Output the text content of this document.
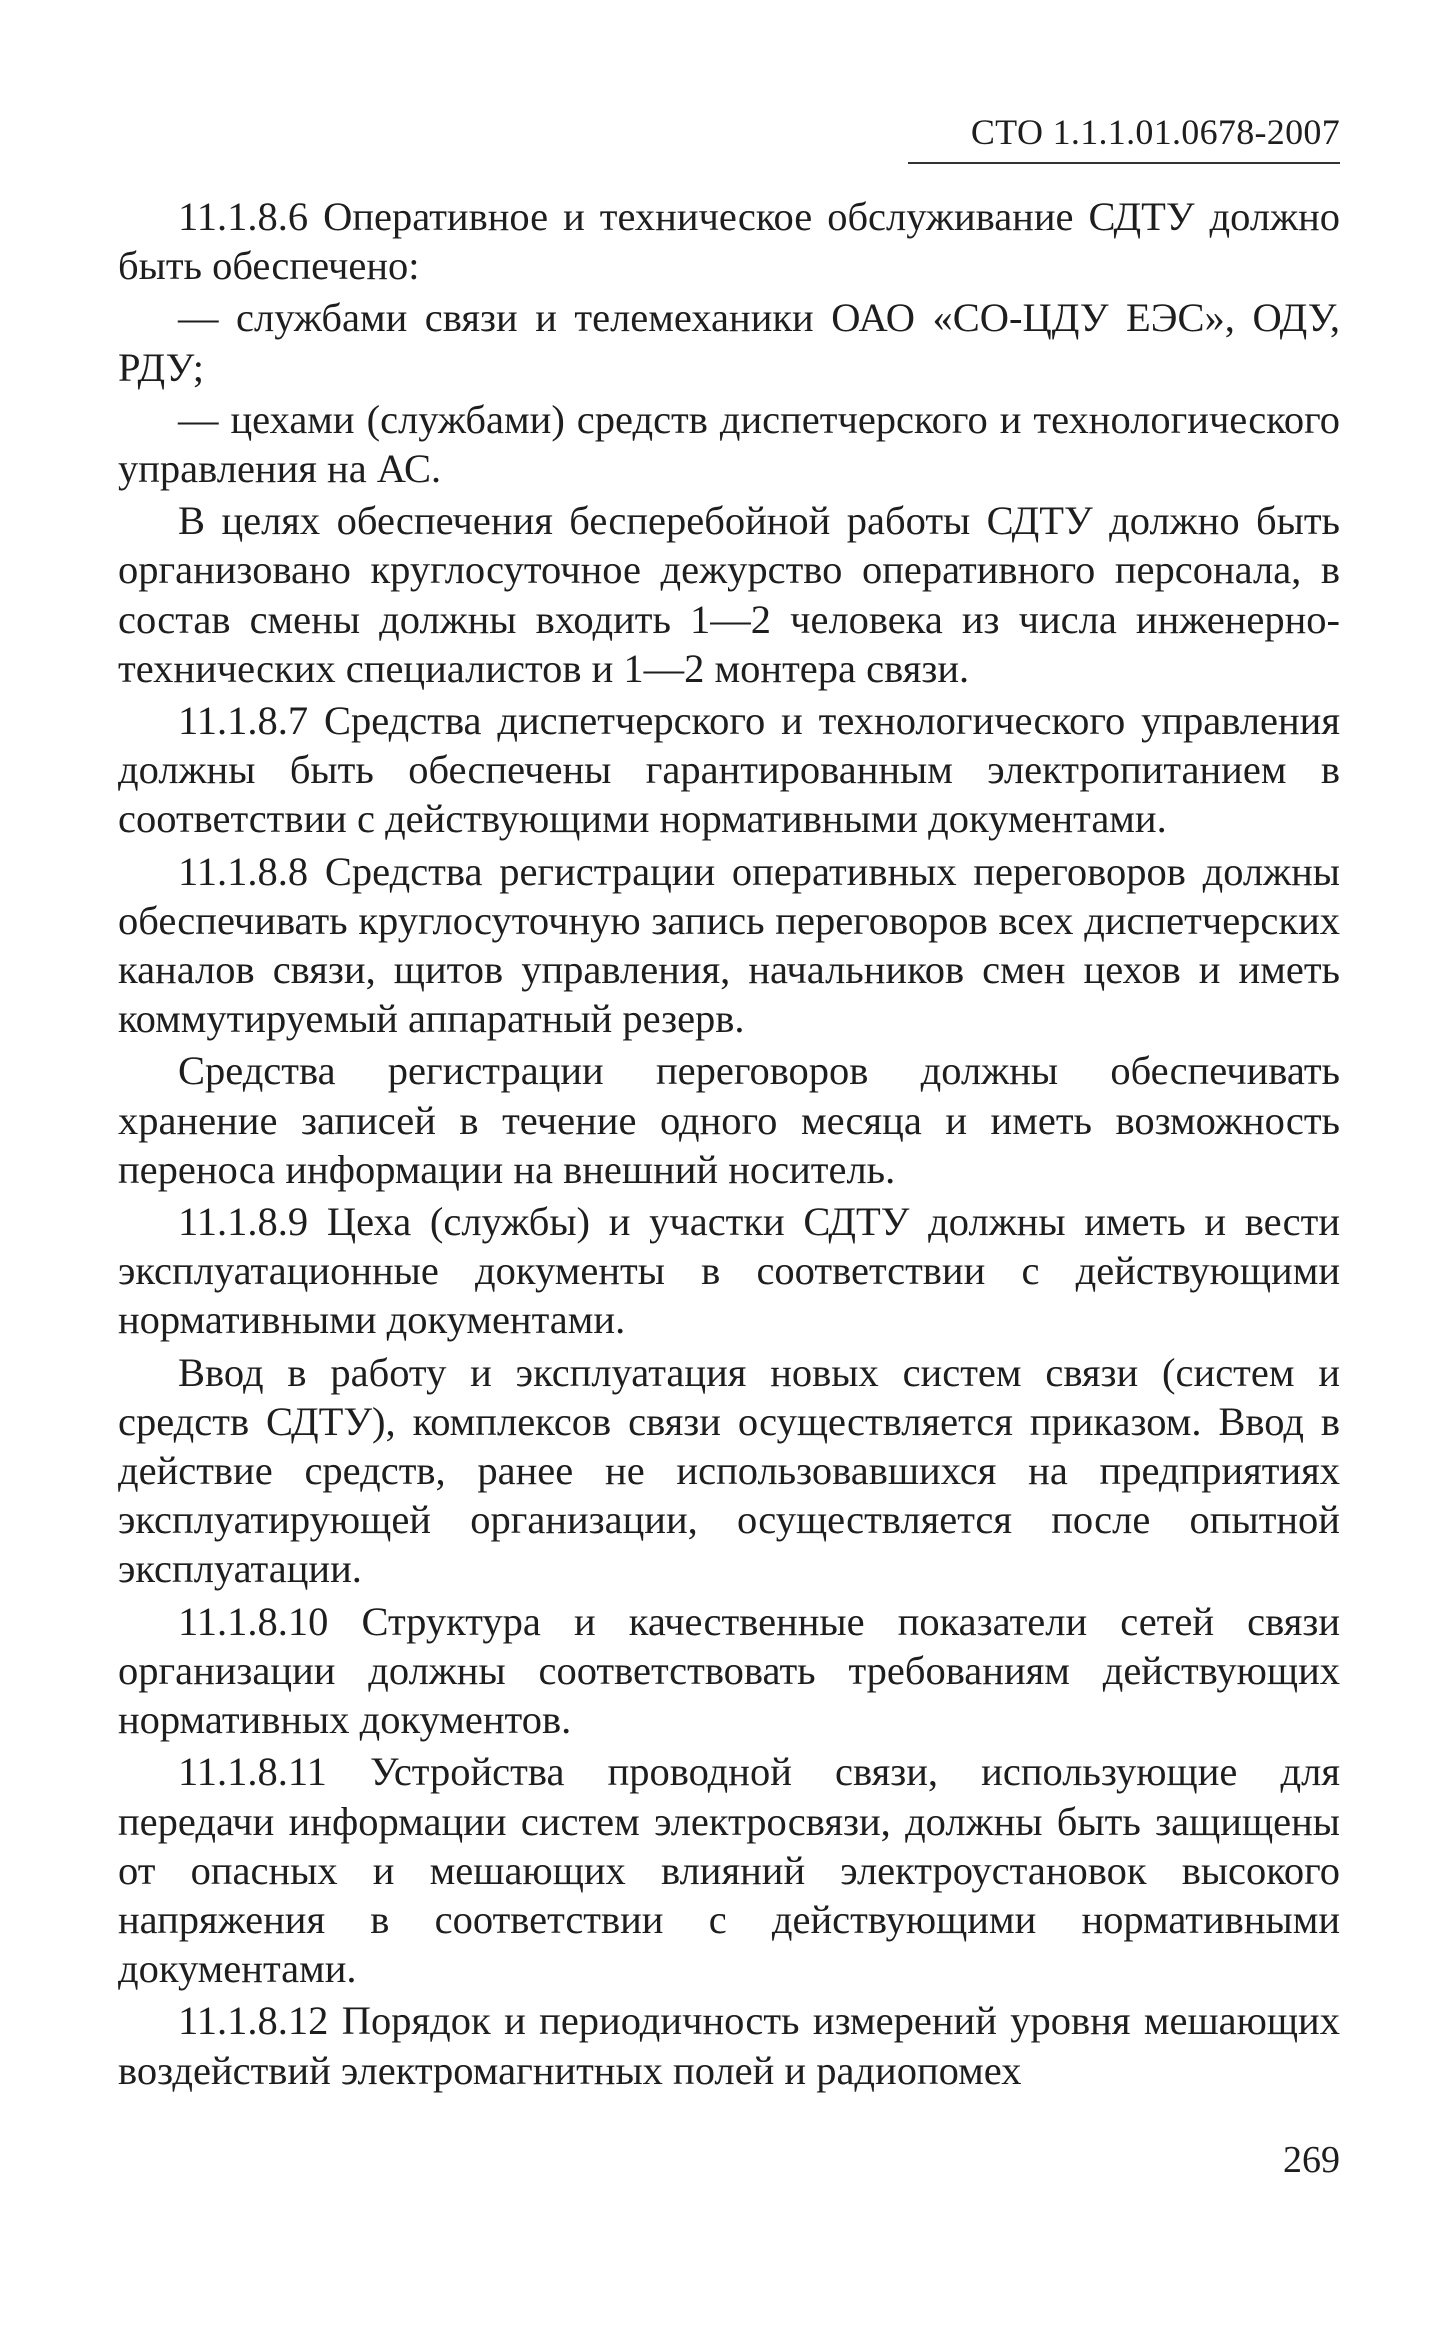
СТО 1.1.1.01.0678-2007

11.1.8.6 Оперативное и техническое обслуживание СДТУ должно быть обеспечено:

— службами связи и телемеханики ОАО «СО-ЦДУ ЕЭС», ОДУ, РДУ;

— цехами (службами) средств диспетчерского и технологического управления на АС.

В целях обеспечения бесперебойной работы СДТУ должно быть организовано круглосуточное дежурство оперативного персонала, в состав смены должны входить 1—2 человека из числа инженерно-технических специалистов и 1—2 монтера связи.

11.1.8.7 Средства диспетчерского и технологического управления должны быть обеспечены гарантированным электропитанием в соответствии с действующими нормативными документами.

11.1.8.8 Средства регистрации оперативных переговоров должны обеспечивать круглосуточную запись переговоров всех диспетчерских каналов связи, щитов управления, начальников смен цехов и иметь коммутируемый аппаратный резерв.

Средства регистрации переговоров должны обеспечивать хранение записей в течение одного месяца и иметь возможность переноса информации на внешний носитель.

11.1.8.9 Цеха (службы) и участки СДТУ должны иметь и вести эксплуатационные документы в соответствии с действующими нормативными документами.

Ввод в работу и эксплуатация новых систем связи (систем и средств СДТУ), комплексов связи осуществляется приказом. Ввод в действие средств, ранее не использовавшихся на предприятиях эксплуатирующей организации, осуществляется после опытной эксплуатации.

11.1.8.10 Структура и качественные показатели сетей связи организации должны соответствовать требованиям действующих нормативных документов.

11.1.8.11 Устройства проводной связи, использующие для передачи информации систем электросвязи, должны быть защищены от опасных и мешающих влияний электроустановок высокого напряжения в соответствии с действующими нормативными документами.

11.1.8.12 Порядок и периодичность измерений уровня мешающих воздействий электромагнитных полей и радиопомех

269
